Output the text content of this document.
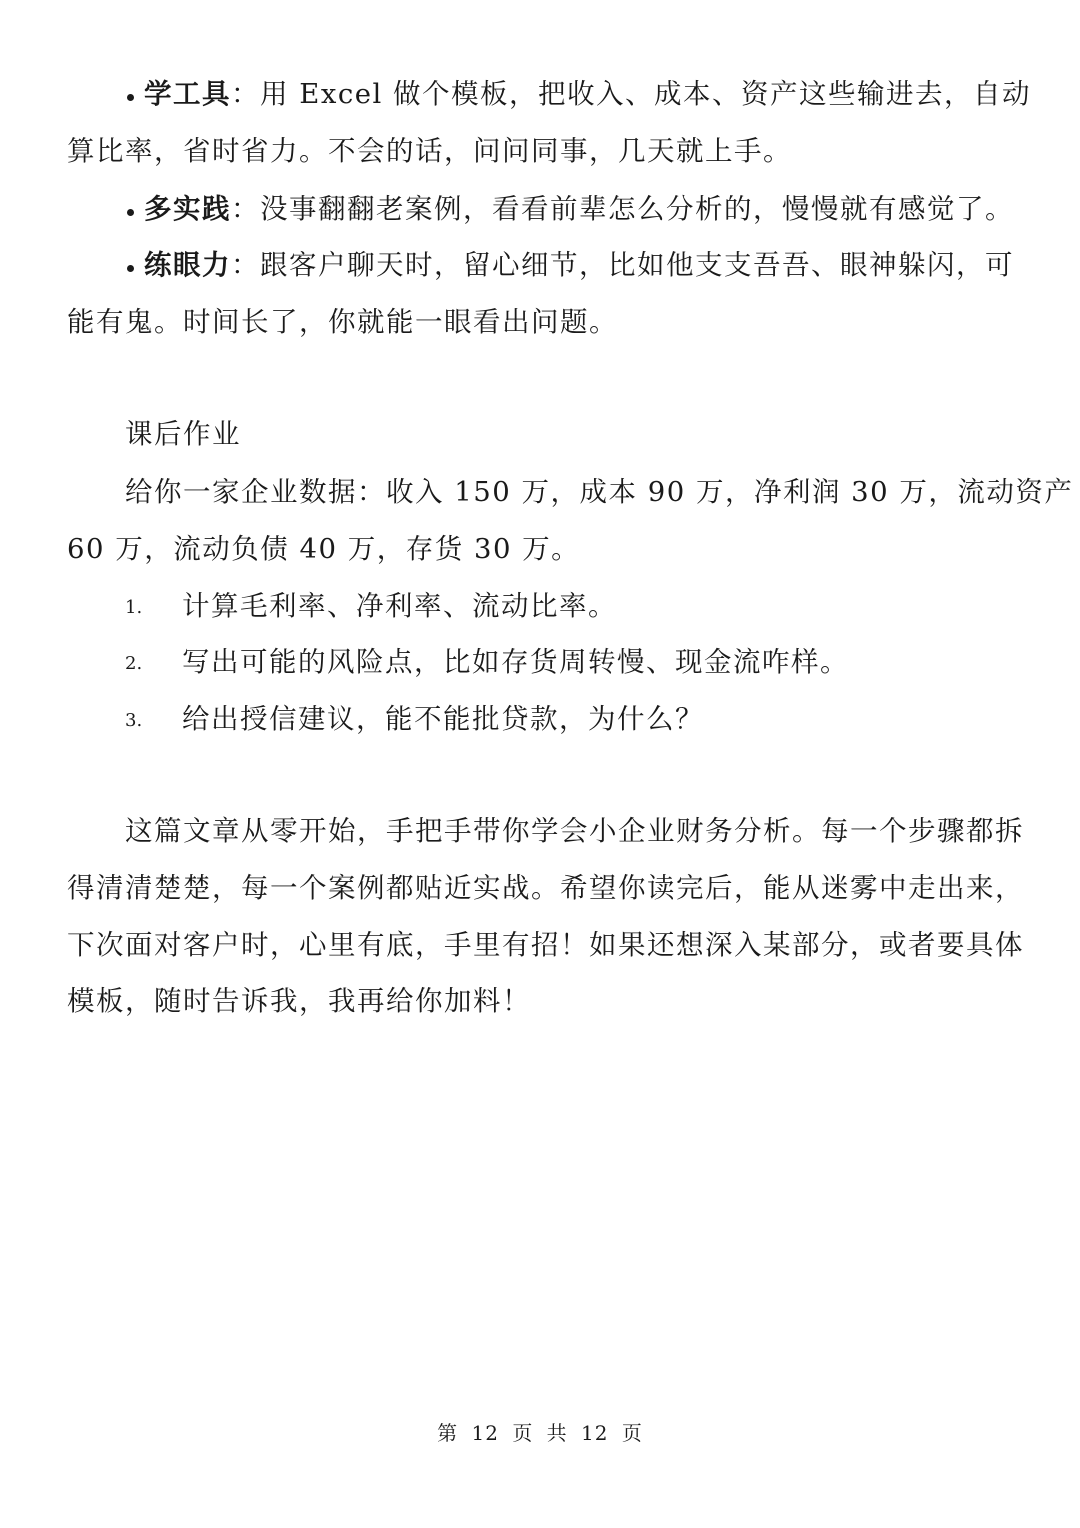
学工具：用 Excel 做个模板，把收入、成本、资产这些输进去，自动
算比率，省时省力。不会的话，问问同事，几天就上手。
多实践：没事翻翻老案例，看看前辈怎么分析的，慢慢就有感觉了。
练眼力：跟客户聊天时，留心细节，比如他支支吾吾、眼神躲闪，可
能有鬼。时间长了，你就能一眼看出问题。
课后作业
给你一家企业数据：收入 150 万，成本 90 万，净利润 30 万，流动资产
60 万，流动负债 40 万，存货 30 万。
1. 计算毛利率、净利率、流动比率。
2. 写出可能的风险点，比如存货周转慢、现金流咋样。
3. 给出授信建议，能不能批贷款，为什么？
这篇文章从零开始，手把手带你学会小企业财务分析。每一个步骤都拆
得清清楚楚，每一个案例都贴近实战。希望你读完后，能从迷雾中走出来，
下次面对客户时，心里有底，手里有招！如果还想深入某部分，或者要具体
模板，随时告诉我，我再给你加料！
第 12 页 共 12 页
